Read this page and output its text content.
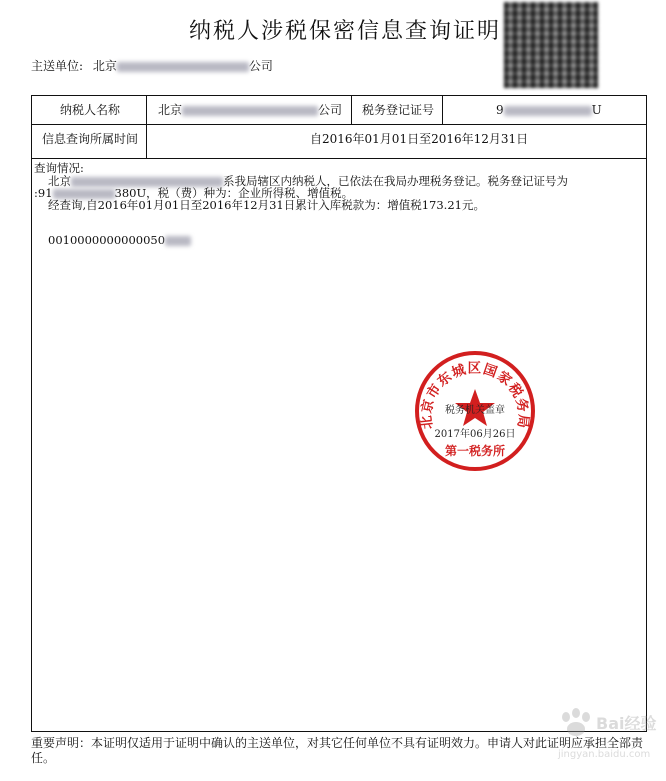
纳税人涉税保密信息查询证明
主送单位: 北京	公司
纳税人名称	北京	公司 税务登记证号	9	U
信息查询所属时间	自2016年01月01日至2016年12月31日
查询情况:
北京	系我局辖区内纳税人，已依法在我局办理税务登记。税务登记证号为
:91	380U，税（费）种为：企业所得税、增值税。
经查询,自2016年01月01日至2016年12月31日累计入库税款为：增值税173.21元。
0010000000000050
北京市东城区国家税务局
税务机关盖章
2017年06月26日
第一税务所
重要声明：本证明仅适用于证明中确认的主送单位，对其它任何单位不具有证明效力。申请人对此证明应承担全部责任。
Bai经验
jingyan.baidu.com
